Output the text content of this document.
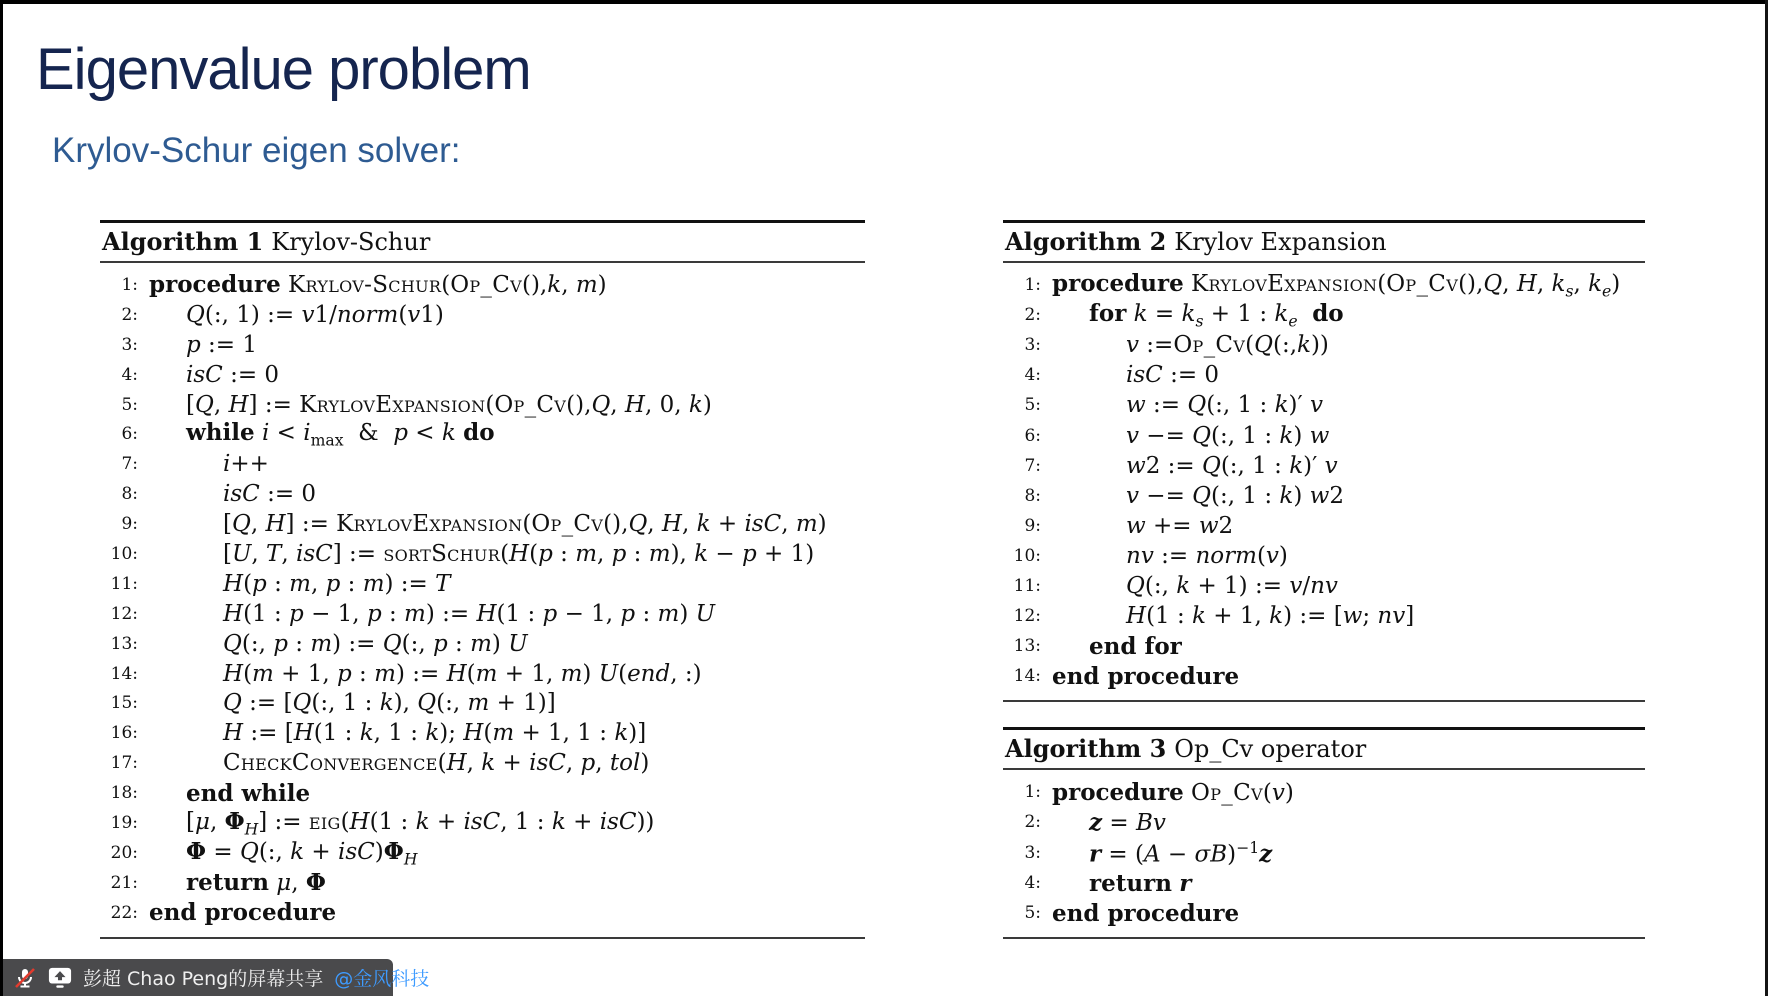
Eigenvalue problem
Krylov-Schur eigen solver:
Algorithm 1 Krylov-Schur
1: procedure Krylov-Schur(Op_Cv(),k, m)
2:	Q(:, 1) := v1/norm(v1)
3:	p := 1
4:	isC := 0
5:	[Q, H] := KrylovExpansion(Op_Cv(),Q, H, 0, k)
6:	while $i < i_{max}$  &  p < k do
7:	i++
8:	isC := 0
9:	[Q, H] := KrylovExpansion(Op_Cv(),Q, H, k + isC, m)
10:	[U, T, isC] := sortSchur(H(p : m, p : m), k − p + 1)
11:	H(p : m, p : m) := T
12:	H(1 : p − 1, p : m) := H(1 : p − 1, p : m) U
13:	Q(:, p : m) := Q(:, p : m) U
14:	H(m + 1, p : m) := H(m + 1, m) U(end, :)
15:	Q := [Q(:, 1 : k), Q(:, m + 1)]
16:	H := [H(1 : k, 1 : k); H(m + 1, 1 : k)]
17:	CheckConvergence(H, k + isC, p, tol)
18:	end while
19:	[μ, $\Phi_H$] := eig(H(1 : k + isC, 1 : k + isC))
20:	Φ = Q(:, $k + isC)\Phi_H$
21:	return μ, Φ
22: end procedure
Algorithm 2 Krylov Expansion
1: procedure KrylovExpansion(Op_Cv(),Q, H, $k_s$, $k_e$)
2:	for $k = k_s + 1$ : $k_e$ do
3:	v :=Op_Cv(Q(:,k))
4:	isC := 0
5:	w := Q(:, 1 : k)′ v
6:	v −= Q(:, 1 : k) w
7:	w2 := Q(:, 1 : k)′ v
8:	v −= Q(:, 1 : k) w2
9:	w += w2
10:	nv := norm(v)
11:	Q(:, k + 1) := v/nv
12:	H(1 : k + 1, k) := [w; nv]
13:	end for
14: end procedure
Algorithm 3 Op_Cv operator
1: procedure Op_Cv(v)
2:	z = Bv
3:	$r = (A - \sigma B)^{-1}z$
4:	return r
5: end procedure
彭超 Chao Peng的屏幕共享 @金风科技
